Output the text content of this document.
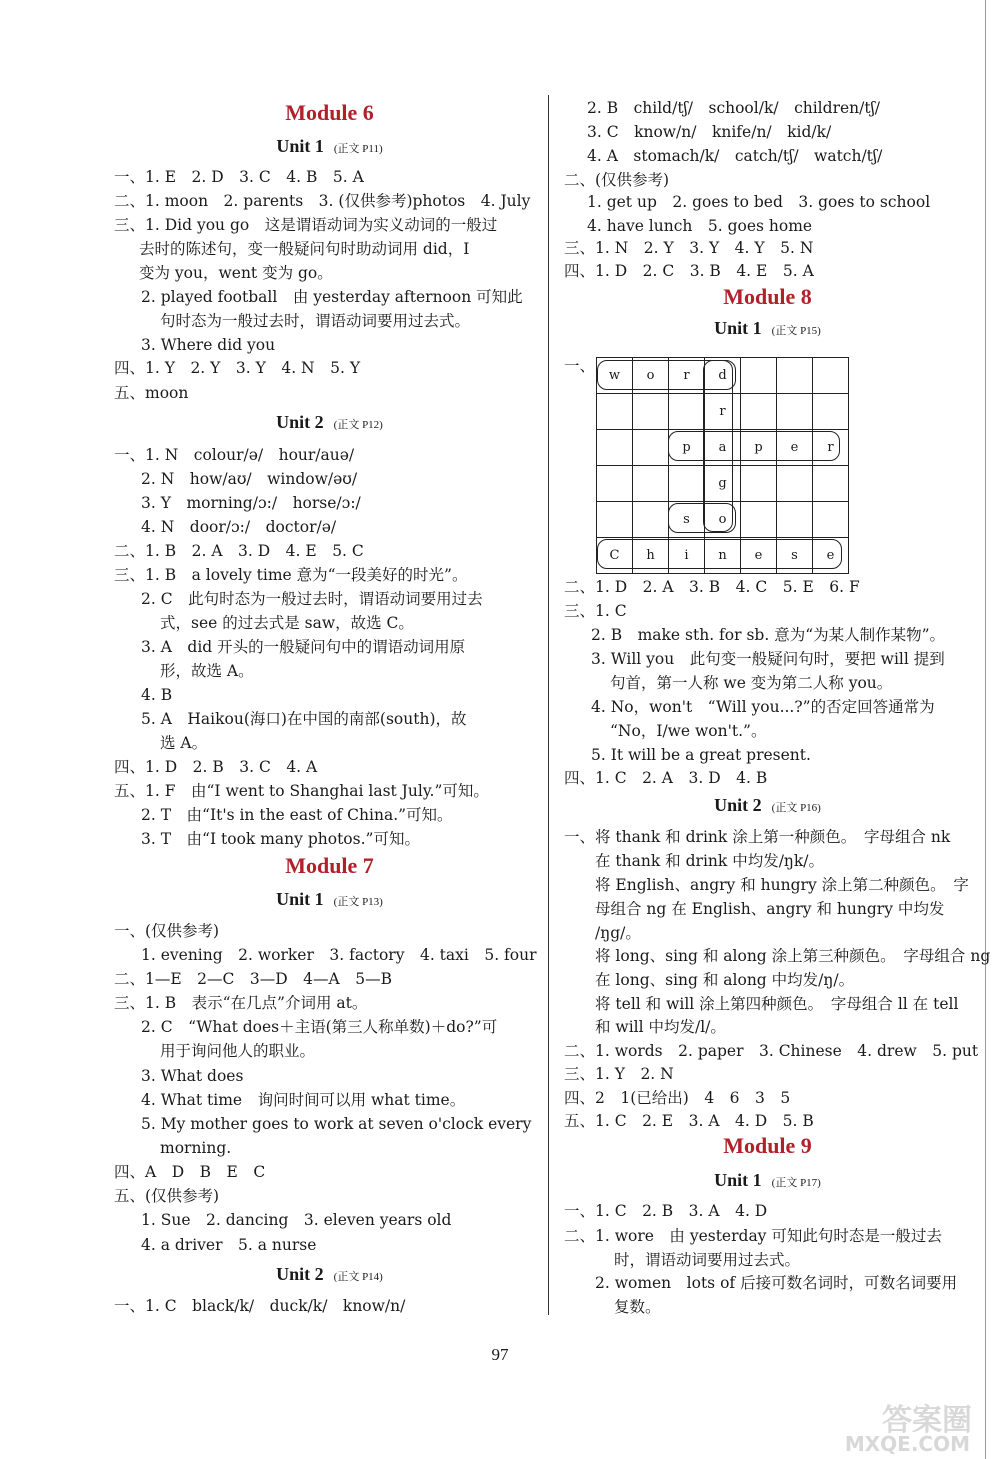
Module 6
Unit 1 (正文 P11)
一、1. E　2. D　3. C　4. B　5. A
二、1. moon　2. parents　3. (仅供参考)photos　4. July
三、1. Did you go　这是谓语动词为实义动词的一般过
去时的陈述句，变一般疑问句时助动词用 did，I
变为 you，went 变为 go。
2. played football　由 yesterday afternoon 可知此
句时态为一般过去时，谓语动词要用过去式。
3. Where did you
四、1. Y　2. Y　3. Y　4. N　5. Y
五、moon
Unit 2 (正文 P12)
一、1. N　colour/ə/　hour/auə/
2. N　how/aʊ/　window/əʊ/
3. Y　morning/ɔ:/　horse/ɔ:/
4. N　door/ɔ:/　doctor/ə/
二、1. B　2. A　3. D　4. E　5. C
三、1. B　a lovely time 意为“一段美好的时光”。
2. C　此句时态为一般过去时，谓语动词要用过去
式，see 的过去式是 saw，故选 C。
3. A　did 开头的一般疑问句中的谓语动词用原
形，故选 A。
4. B
5. A　Haikou(海口)在中国的南部(south)，故
选 A。
四、1. D　2. B　3. C　4. A
五、1. F　由“I went to Shanghai last July.”可知。
2. T　由“It's in the east of China.”可知。
3. T　由“I took many photos.”可知。
Module 7
Unit 1 (正文 P13)
一、(仅供参考)
1. evening　2. worker　3. factory　4. taxi　5. four
二、1—E　2—C　3—D　4—A　5—B
三、1. B　表示“在几点”介词用 at。
2. C　“What does＋主语(第三人称单数)＋do?”可
用于询问他人的职业。
3. What does
4. What time　询问时间可以用 what time。
5. My mother goes to work at seven o'clock every
morning.
四、A　D　B　E　C
五、(仅供参考)
1. Sue　2. dancing　3. eleven years old
4. a driver　5. a nurse
Unit 2 (正文 P14)
一、1. C　black/k/　duck/k/　know/n/
2. B　child/tʃ/　school/k/　children/tʃ/
3. C　know/n/　knife/n/　kid/k/
4. A　stomach/k/　catch/tʃ/　watch/tʃ/
二、(仅供参考)
1. get up　2. goes to bed　3. goes to school
4. have lunch　5. goes home
三、1. N　2. Y　3. Y　4. Y　5. N
四、1. D　2. C　3. B　4. E　5. A
Module 8
Unit 1 (正文 P15)
一、
w	o	r	d			
			r			
		p	a	p	e	r
			g			
		s	o			
C	h	i	n	e	s	e
二、1. D　2. A　3. B　4. C　5. E　6. F
三、1. C
2. B　make sth. for sb. 意为“为某人制作某物”。
3. Will you　此句变一般疑问句时，要把 will 提到
句首，第一人称 we 变为第二人称 you。
4. No，won't　“Will you...?”的否定回答通常为
“No，I/we won't.”。
5. It will be a great present.
四、1. C　2. A　3. D　4. B
Unit 2 (正文 P16)
一、将 thank 和 drink 涂上第一种颜色。　字母组合 nk
在 thank 和 drink 中均发/ŋk/。
将 English、angry 和 hungry 涂上第二种颜色。　字
母组合 ng 在 English、angry 和 hungry 中均发
/ŋg/。
将 long、sing 和 along 涂上第三种颜色。　字母组合 ng
在 long、sing 和 along 中均发/ŋ/。
将 tell 和 will 涂上第四种颜色。　字母组合 ll 在 tell
和 will 中均发/l/。
二、1. words　2. paper　3. Chinese　4. drew　5. put
三、1. Y　2. N
四、2　1(已给出)　4　6　3　5
五、1. C　2. E　3. A　4. D　5. B
Module 9
Unit 1 (正文 P17)
一、1. C　2. B　3. A　4. D
二、1. wore　由 yesterday 可知此句时态是一般过去
时，谓语动词要用过去式。
2. women　lots of 后接可数名词时，可数名词要用
复数。
97
答案圈
MXQE.COM
